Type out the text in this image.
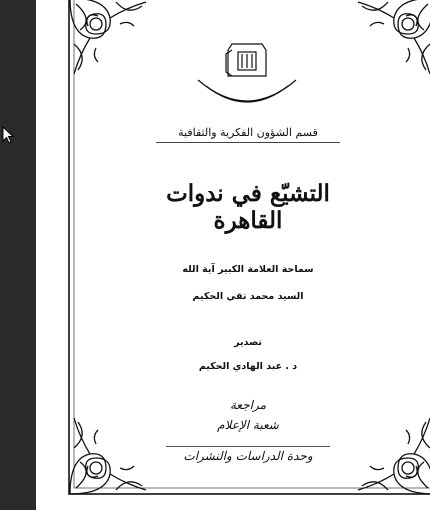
قسم الشؤون الفكرية والثقافية
التشيّع في ندوات القاهرة
سماحة العلامة الكبير آية الله
السيد محمد تقي الحكيم
تصدير
د . عبد الهادي الحكيم
مراجعة
شعبة الإعلام
وحدة الدراسات والنشرات
